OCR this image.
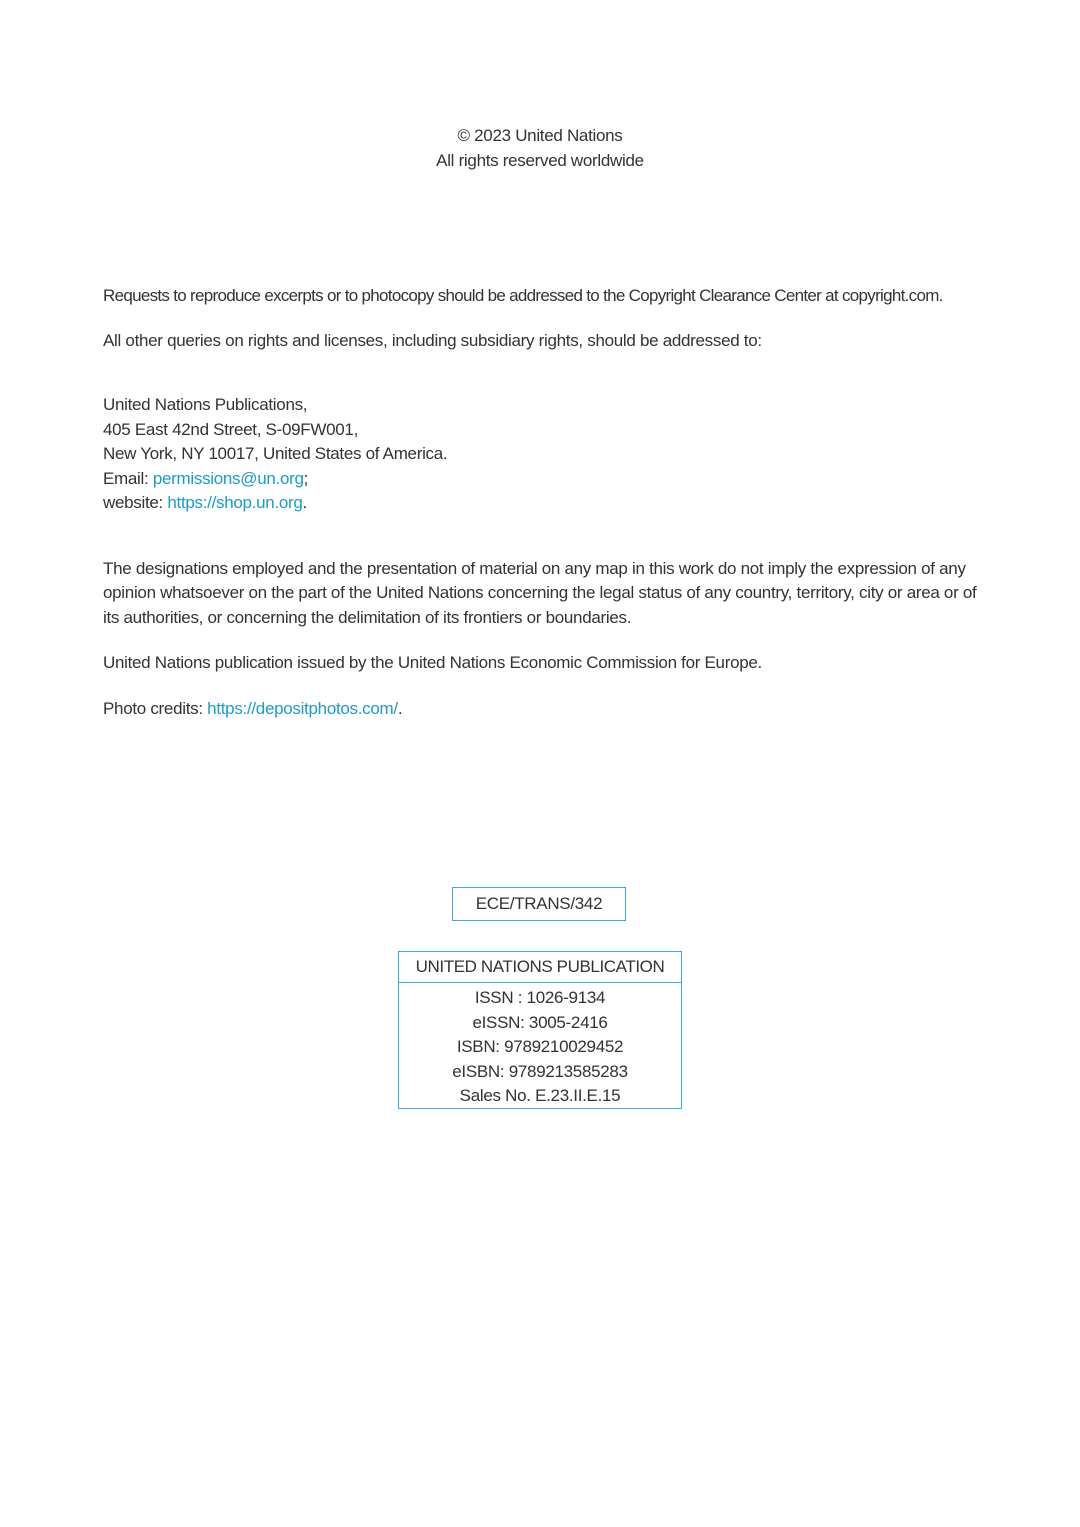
© 2023 United Nations

All rights reserved worldwide

Requests to reproduce excerpts or to photocopy should be addressed to the Copyright Clearance Center at copyright.com.

All other queries on rights and licenses, including subsidiary rights, should be addressed to:

United Nations Publications,

405 East 42nd Street, S-09FW001,

New York, NY 10017, United States of America.

Email: permissions@un.org;

website: https://shop.un.org.

The designations employed and the presentation of material on any map in this work do not imply the expression of any opinion whatsoever on the part of the United Nations concerning the legal status of any country, territory, city or area or of its authorities, or concerning the delimitation of its frontiers or boundaries.

United Nations publication issued by the United Nations Economic Commission for Europe.

Photo credits: https://depositphotos.com/.

ECE/TRANS/342
UNITED NATIONS PUBLICATION
ISSN : 1026-9134
eISSN: 3005-2416
ISBN: 9789210029452
eISBN: 9789213585283
Sales No. E.23.II.E.15
